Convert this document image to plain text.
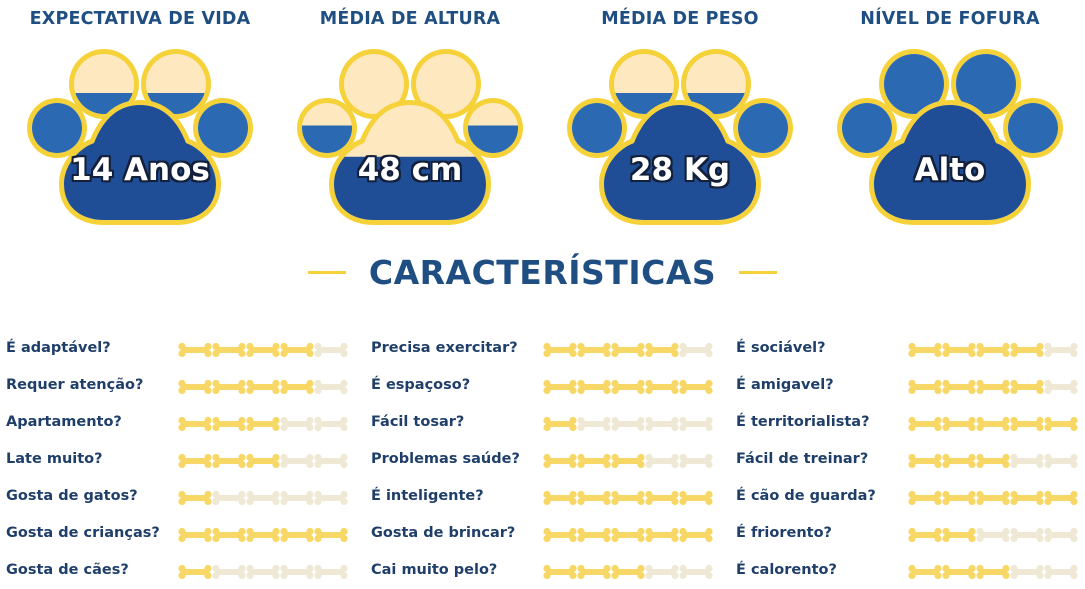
EXPECTATIVA DE VIDA
14 Anos
MÉDIA DE ALTURA
48 cm
MÉDIA DE PESO
28 Kg
NÍVEL DE FOFURA
Alto
CARACTERÍSTICAS
É adaptável?
Requer atenção?
Apartamento?
Late muito?
Gosta de gatos?
Gosta de crianças?
Gosta de cães?
Precisa exercitar?
É espaçoso?
Fácil tosar?
Problemas saúde?
É inteligente?
Gosta de brincar?
Cai muito pelo?
É sociável?
É amigavel?
É territorialista?
Fácil de treinar?
É cão de guarda?
É friorento?
É calorento?
